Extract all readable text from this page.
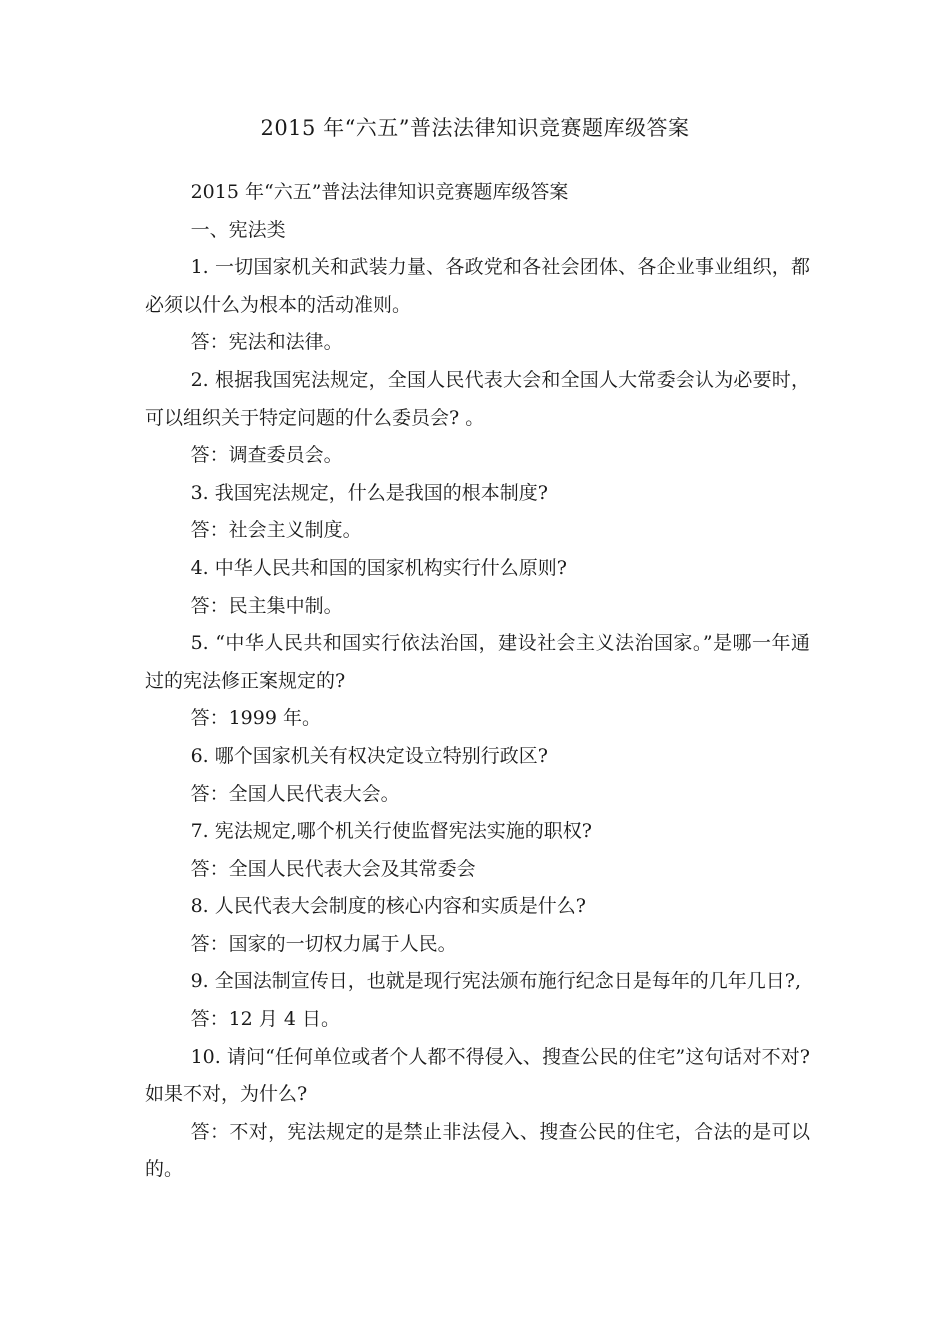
2015 年“六五”普法法律知识竞赛题库级答案

2015 年“六五”普法法律知识竞赛题库级答案

一、宪法类

1. 一切国家机关和武装力量、各政党和各社会团体、各企业事业组织，都必须以什么为根本的活动准则。

答：宪法和法律。

2. 根据我国宪法规定，全国人民代表大会和全国人大常委会认为必要时，可以组织关于特定问题的什么委员会? 。

答：调查委员会。

3. 我国宪法规定，什么是我国的根本制度?

答：社会主义制度。

4. 中华人民共和国的国家机构实行什么原则?

答：民主集中制。

5. “中华人民共和国实行依法治国，建设社会主义法治国家。”是哪一年通过的宪法修正案规定的?

答：1999 年。

6. 哪个国家机关有权决定设立特别行政区?

答：全国人民代表大会。

7. 宪法规定,哪个机关行使监督宪法实施的职权?

答：全国人民代表大会及其常委会

8. 人民代表大会制度的核心内容和实质是什么?

答：国家的一切权力属于人民。

9. 全国法制宣传日，也就是现行宪法颁布施行纪念日是每年的几年几日?,

答：12 月 4 日。

10. 请问“任何单位或者个人都不得侵入、搜查公民的住宅”这句话对不对?如果不对，为什么?

答：不对，宪法规定的是禁止非法侵入、搜查公民的住宅，合法的是可以的。
